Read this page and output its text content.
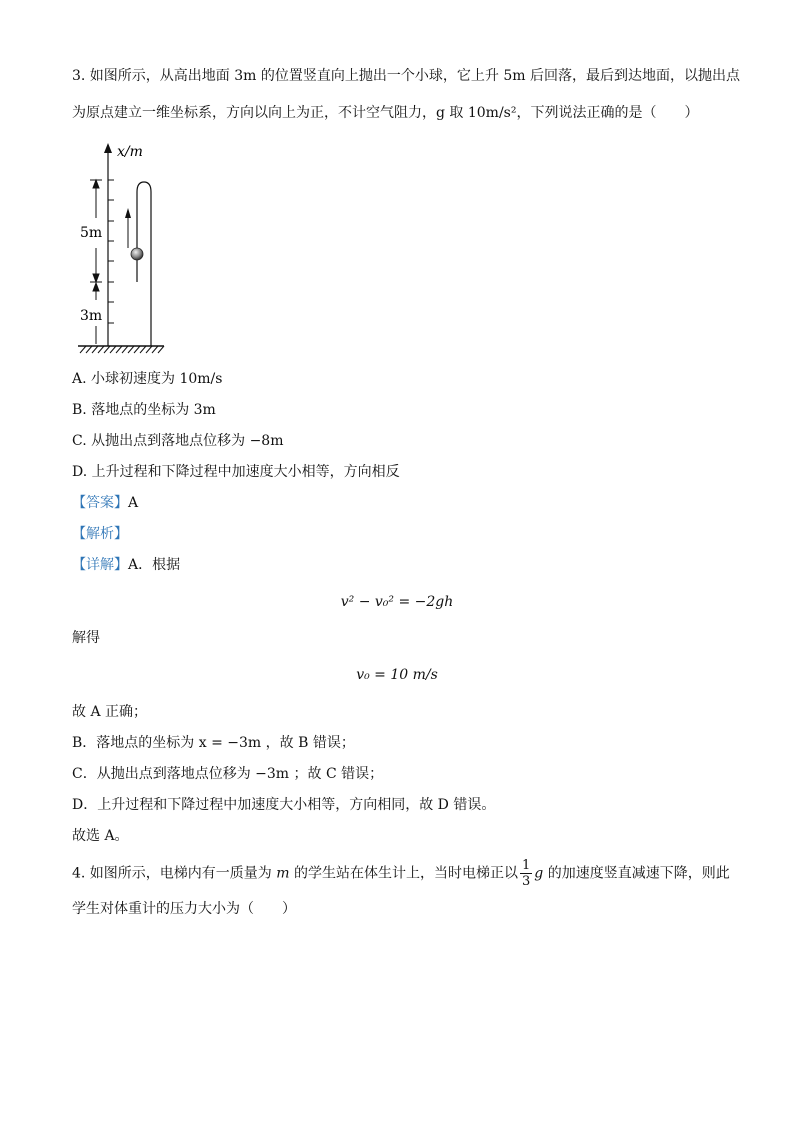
3. 如图所示，从高出地面 3m 的位置竖直向上抛出一个小球，它上升 5m 后回落，最后到达地面，以抛出点
为原点建立一维坐标系，方向以向上为正，不计空气阻力，g 取 10m/s²，下列说法正确的是（　　）
x/m
5m
3m
A. 小球初速度为 10m/s
B. 落地点的坐标为 3m
C. 从抛出点到落地点位移为 −8m
D. 上升过程和下降过程中加速度大小相等，方向相反
【答案】A
【解析】
【详解】A．根据
v² − v₀² = −2gh
解得
v₀ = 10 m/s
故 A 正确；
B．落地点的坐标为 x = −3m ，故 B 错误；
C．从抛出点到落地点位移为 −3m ；故 C 错误；
D．上升过程和下降过程中加速度大小相等，方向相同，故 D 错误。
故选 A。
4. 如图所示，电梯内有一质量为 m 的学生站在体生计上，当时电梯正以 $\frac{1}{3}$ g 的加速度竖直减速下降，则此
学生对体重计的压力大小为（　　）
